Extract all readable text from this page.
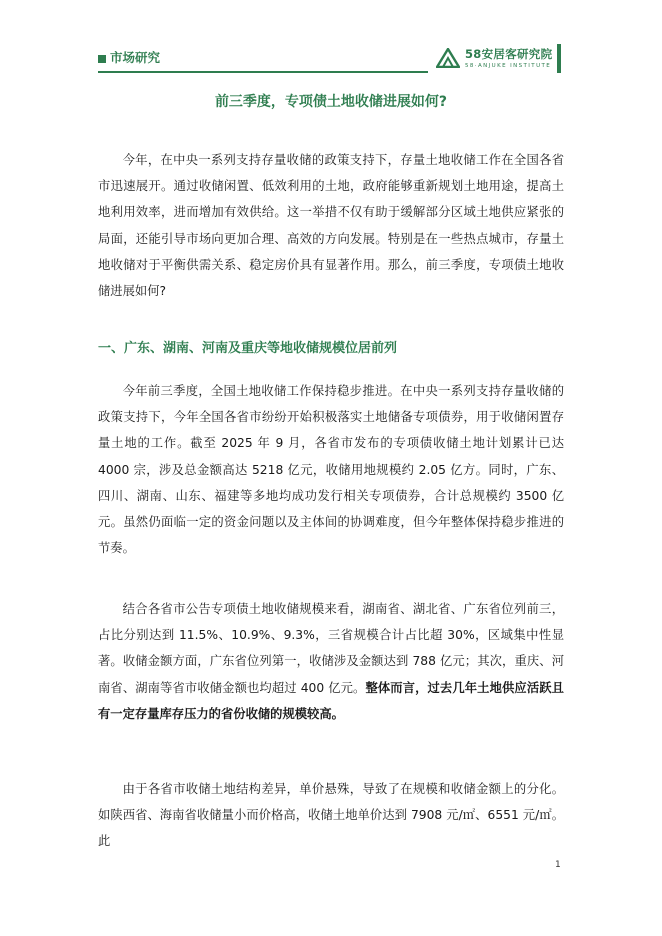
市场研究	58安居客研究院
58·ANJUKE INSTITUTE
前三季度，专项债土地收储进展如何?

今年，在中央一系列支持存量收储的政策支持下，存量土地收储工作在全国各省市迅速展开。通过收储闲置、低效利用的土地，政府能够重新规划土地用途，提高土地利用效率，进而增加有效供给。这一举措不仅有助于缓解部分区域土地供应紧张的局面，还能引导市场向更加合理、高效的方向发展。特别是在一些热点城市，存量土地收储对于平衡供需关系、稳定房价具有显著作用。那么，前三季度，专项债土地收储进展如何?

一、广东、湖南、河南及重庆等地收储规模位居前列

今年前三季度，全国土地收储工作保持稳步推进。在中央一系列支持存量收储的政策支持下，今年全国各省市纷纷开始积极落实土地储备专项债券，用于收储闲置存量土地的工作。截至 2025 年 9 月，各省市发布的专项债收储土地计划累计已达 4000 宗，涉及总金额高达 5218 亿元，收储用地规模约 2.05 亿方。同时，广东、四川、湖南、山东、福建等多地均成功发行相关专项债券，合计总规模约 3500 亿元。虽然仍面临一定的资金问题以及主体间的协调难度，但今年整体保持稳步推进的节奏。

结合各省市公告专项债土地收储规模来看，湖南省、湖北省、广东省位列前三，占比分别达到 11.5%、10.9%、9.3%，三省规模合计占比超 30%，区域集中性显著。收储金额方面，广东省位列第一，收储涉及金额达到 788 亿元；其次，重庆、河南省、湖南等省市收储金额也均超过 400 亿元。整体而言，过去几年土地供应活跃且有一定存量库存压力的省份收储的规模较高。

由于各省市收储土地结构差异，单价悬殊，导致了在规模和收储金额上的分化。如陕西省、海南省收储量小而价格高，收储土地单价达到 7908 元/㎡、6551 元/㎡。此

1
